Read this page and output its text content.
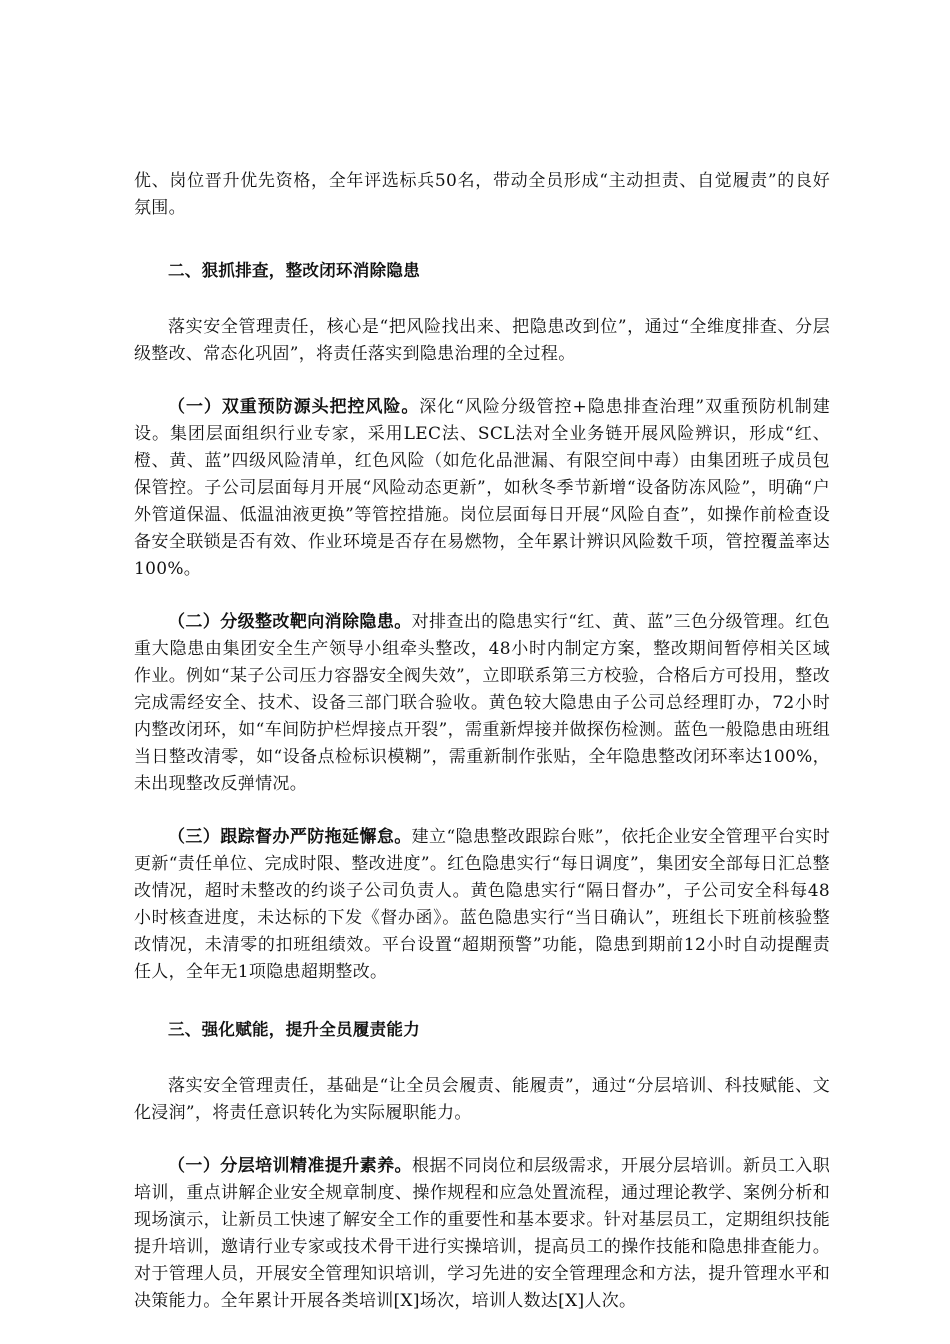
优、岗位晋升优先资格，全年评选标兵50名，带动全员形成“主动担责、自觉履责”的良好氛围。

二、狠抓排查，整改闭环消除隐患

落实安全管理责任，核心是“把风险找出来、把隐患改到位”，通过“全维度排查、分层级整改、常态化巩固”，将责任落实到隐患治理的全过程。

（一）双重预防源头把控风险。深化“风险分级管控+隐患排查治理”双重预防机制建设。集团层面组织行业专家，采用LEC法、SCL法对全业务链开展风险辨识，形成“红、橙、黄、蓝”四级风险清单，红色风险（如危化品泄漏、有限空间中毒）由集团班子成员包保管控。子公司层面每月开展“风险动态更新”，如秋冬季节新增“设备防冻风险”，明确“户外管道保温、低温油液更换”等管控措施。岗位层面每日开展“风险自查”，如操作前检查设备安全联锁是否有效、作业环境是否存在易燃物，全年累计辨识风险数千项，管控覆盖率达100%。

（二）分级整改靶向消除隐患。对排查出的隐患实行“红、黄、蓝”三色分级管理。红色重大隐患由集团安全生产领导小组牵头整改，48小时内制定方案，整改期间暂停相关区域作业。例如“某子公司压力容器安全阀失效”，立即联系第三方校验，合格后方可投用，整改完成需经安全、技术、设备三部门联合验收。黄色较大隐患由子公司总经理盯办，72小时内整改闭环，如“车间防护栏焊接点开裂”，需重新焊接并做探伤检测。蓝色一般隐患由班组当日整改清零，如“设备点检标识模糊”，需重新制作张贴，全年隐患整改闭环率达100%，未出现整改反弹情况。

（三）跟踪督办严防拖延懈怠。建立“隐患整改跟踪台账”，依托企业安全管理平台实时更新“责任单位、完成时限、整改进度”。红色隐患实行“每日调度”，集团安全部每日汇总整改情况，超时未整改的约谈子公司负责人。黄色隐患实行“隔日督办”，子公司安全科每48小时核查进度，未达标的下发《督办函》。蓝色隐患实行“当日确认”，班组长下班前核验整改情况，未清零的扣班组绩效。平台设置“超期预警”功能，隐患到期前12小时自动提醒责任人，全年无1项隐患超期整改。

三、强化赋能，提升全员履责能力

落实安全管理责任，基础是“让全员会履责、能履责”，通过“分层培训、科技赋能、文化浸润”，将责任意识转化为实际履职能力。

（一）分层培训精准提升素养。根据不同岗位和层级需求，开展分层培训。新员工入职培训，重点讲解企业安全规章制度、操作规程和应急处置流程，通过理论教学、案例分析和现场演示，让新员工快速了解安全工作的重要性和基本要求。针对基层员工，定期组织技能提升培训，邀请行业专家或技术骨干进行实操培训，提高员工的操作技能和隐患排查能力。对于管理人员，开展安全管理知识培训，学习先进的安全管理理念和方法，提升管理水平和决策能力。全年累计开展各类培训[X]场次，培训人数达[X]人次。
